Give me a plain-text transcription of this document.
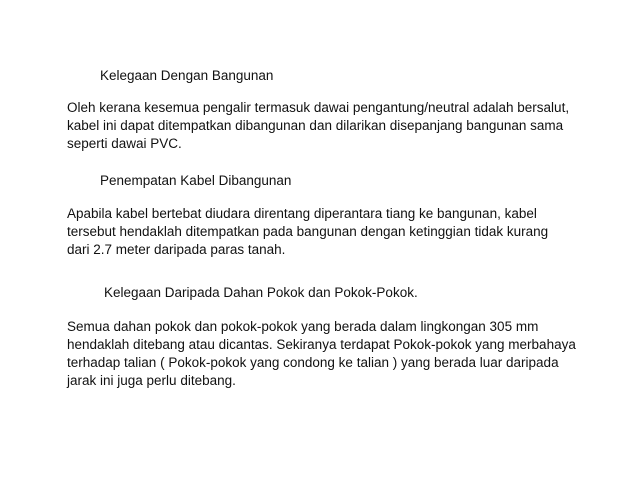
Kelegaan Dengan Bangunan

Oleh kerana kesemua pengalir termasuk dawai pengantung/neutral adalah bersalut,
kabel ini dapat ditempatkan dibangunan dan dilarikan disepanjang bangunan sama
seperti dawai PVC.

Penempatan Kabel Dibangunan

Apabila kabel bertebat diudara direntang diperantara tiang ke bangunan, kabel
tersebut hendaklah ditempatkan pada bangunan dengan ketinggian tidak kurang
dari 2.7 meter daripada paras tanah.

Kelegaan Daripada Dahan Pokok dan Pokok-Pokok.

Semua dahan pokok dan pokok-pokok yang berada dalam lingkongan 305 mm
hendaklah ditebang atau dicantas. Sekiranya terdapat Pokok-pokok yang merbahaya
terhadap talian ( Pokok-pokok yang condong ke talian ) yang berada luar daripada
jarak ini juga perlu ditebang.
